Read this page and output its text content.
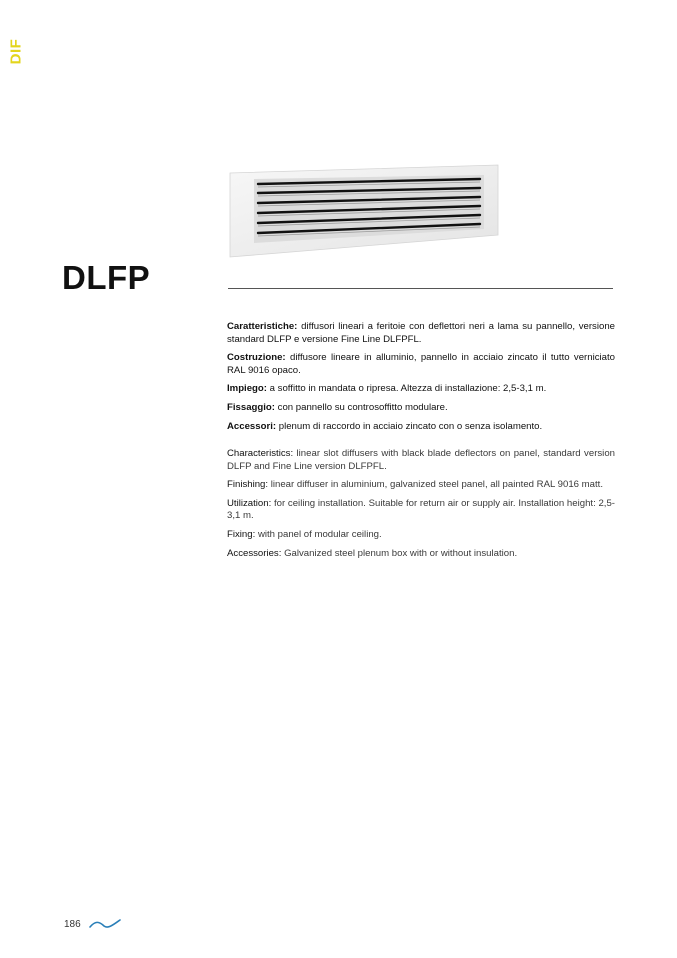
DIF
DLFP

Caratteristiche: diffusori lineari a feritoie con deflettori neri a lama su pannello, versione standard DLFP e versione Fine Line DLFPFL.

Costruzione: diffusore lineare in alluminio, pannello in acciaio zincato il tutto verniciato RAL 9016 opaco.

Impiego: a soffitto in mandata o ripresa. Altezza di installazione: 2,5-3,1 m.

Fissaggio: con pannello su controsoffitto modulare.

Accessori: plenum di raccordo in acciaio zincato con o senza isolamento.

Characteristics: linear slot diffusers with black blade deflectors on panel, standard version DLFP and Fine Line version DLFPFL.

Finishing: linear diffuser in aluminium, galvanized steel panel, all painted RAL 9016 matt.

Utilization: for ceiling installation. Suitable for return air or supply air. Installation height: 2,5-3,1 m.

Fixing: with panel of modular ceiling.

Accessories: Galvanized steel plenum box with or without insulation.

186
